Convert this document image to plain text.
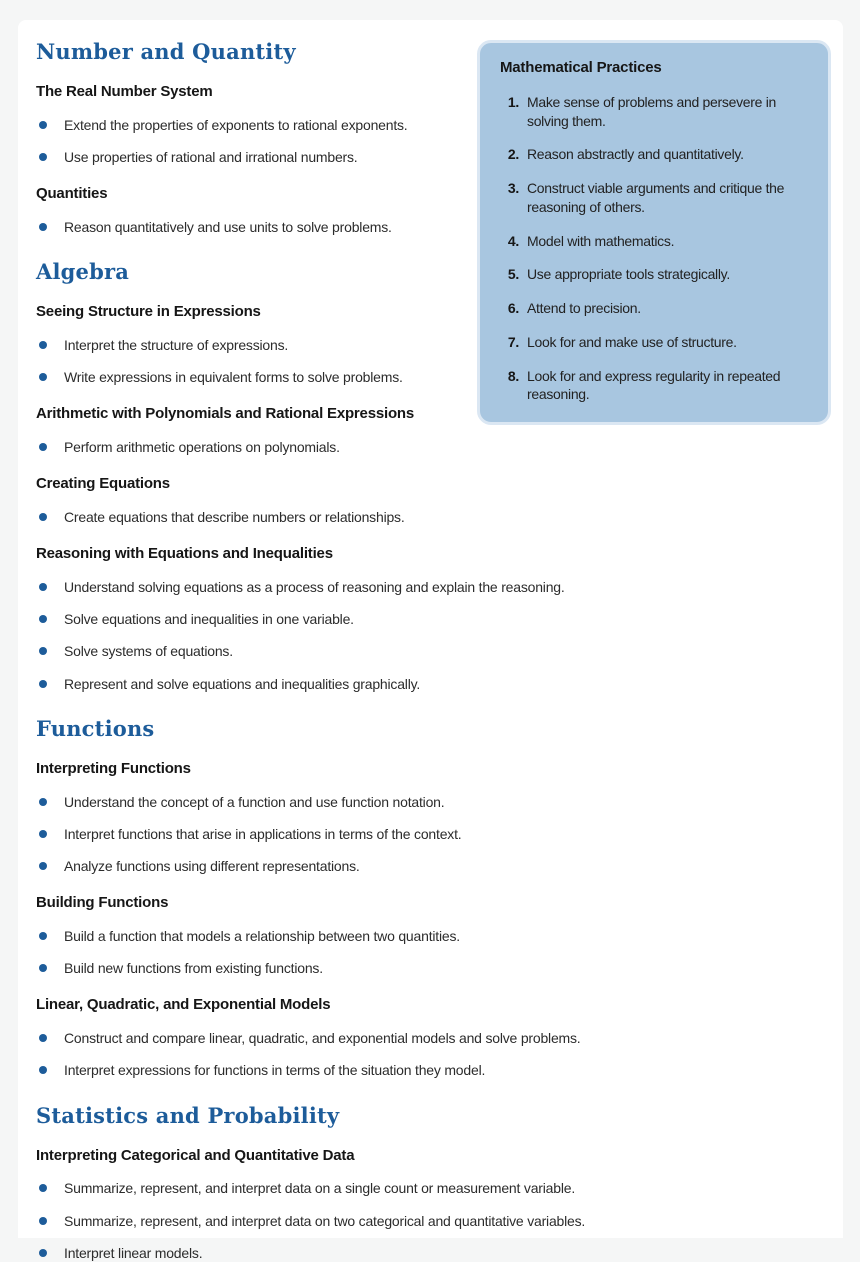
Mathematical Practices
1. Make sense of problems and persevere in solving them.
2. Reason abstractly and quantitatively.
3. Construct viable arguments and critique the reasoning of others.
4. Model with mathematics.
5. Use appropriate tools strategically.
6. Attend to precision.
7. Look for and make use of structure.
8. Look for and express regularity in repeated reasoning.
Number and Quantity
The Real Number System
Extend the properties of exponents to rational exponents.
Use properties of rational and irrational numbers.
Quantities
Reason quantitatively and use units to solve problems.
Algebra
Seeing Structure in Expressions
Interpret the structure of expressions.
Write expressions in equivalent forms to solve problems.
Arithmetic with Polynomials and Rational Expressions
Perform arithmetic operations on polynomials.
Creating Equations
Create equations that describe numbers or relationships.
Reasoning with Equations and Inequalities
Understand solving equations as a process of reasoning and explain the reasoning.
Solve equations and inequalities in one variable.
Solve systems of equations.
Represent and solve equations and inequalities graphically.
Functions
Interpreting Functions
Understand the concept of a function and use function notation.
Interpret functions that arise in applications in terms of the context.
Analyze functions using different representations.
Building Functions
Build a function that models a relationship between two quantities.
Build new functions from existing functions.
Linear, Quadratic, and Exponential Models
Construct and compare linear, quadratic, and exponential models and solve problems.
Interpret expressions for functions in terms of the situation they model.
Statistics and Probability
Interpreting Categorical and Quantitative Data
Summarize, represent, and interpret data on a single count or measurement variable.
Summarize, represent, and interpret data on two categorical and quantitative variables.
Interpret linear models.
